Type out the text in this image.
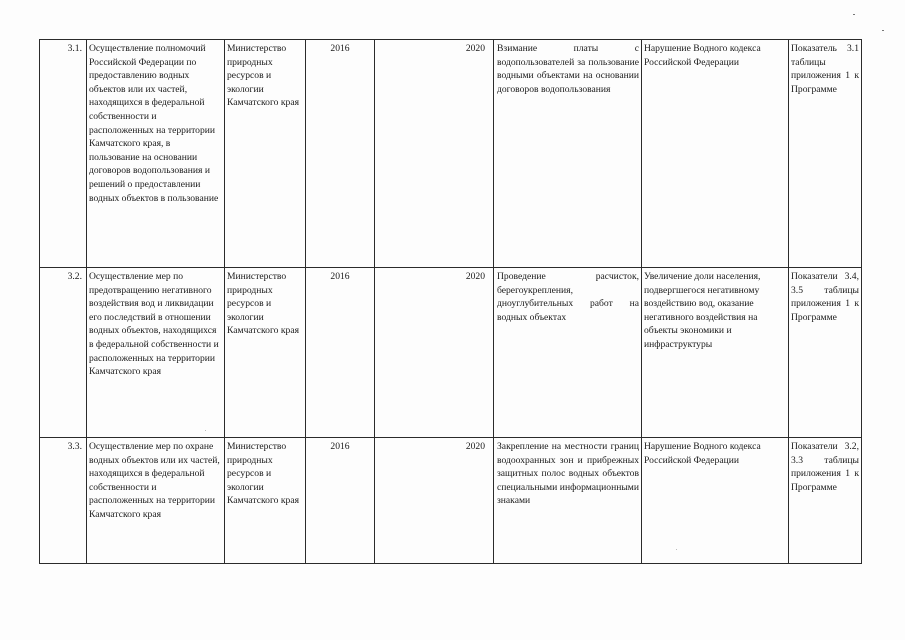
3.1.	Осуществление полномочий Российской Федерации по предоставлению водных объектов или их частей, находящихся в федеральной собственности и расположенных на территории Камчатского края, в пользование на основании договоров водопользования и решений о предоставлении водных объектов в пользование	Министерство природных ресурсов и экологии Камчатского края	2016	2020	Взимание платы с водопользователей за пользование водными объектами на основании договоров водопользования	Нарушение Водного кодекса Российской Федерации	Показатель 3.1 таблицы приложения 1 к Программе
3.2.	Осуществление мер по предотвращению негативного воздействия вод и ликвидации его последствий в отношении водных объектов, находящихся в федеральной собственности и расположенных на территории Камчатского края	Министерство природных ресурсов и экологии Камчатского края	2016	2020	Проведение расчисток, берегоукрепления, дноуглубительных работ на водных объектах	Увеличение доли населения, подвергшегося негативному воздействию вод, оказание негативного воздействия на объекты экономики и инфраструктуры	Показатели 3.4, 3.5 таблицы приложения 1 к Программе
3.3.	Осуществление мер по охране водных объектов или их частей, находящихся в федеральной собственности и расположенных на территории Камчатского края	Министерство природных ресурсов и экологии Камчатского края	2016	2020	Закрепление на местности границ водоохранных зон и прибрежных защитных полос водных объектов специальными информационными знаками	Нарушение Водного кодекса Российской Федерации	Показатели 3.2, 3.3 таблицы приложения 1 к Программе
